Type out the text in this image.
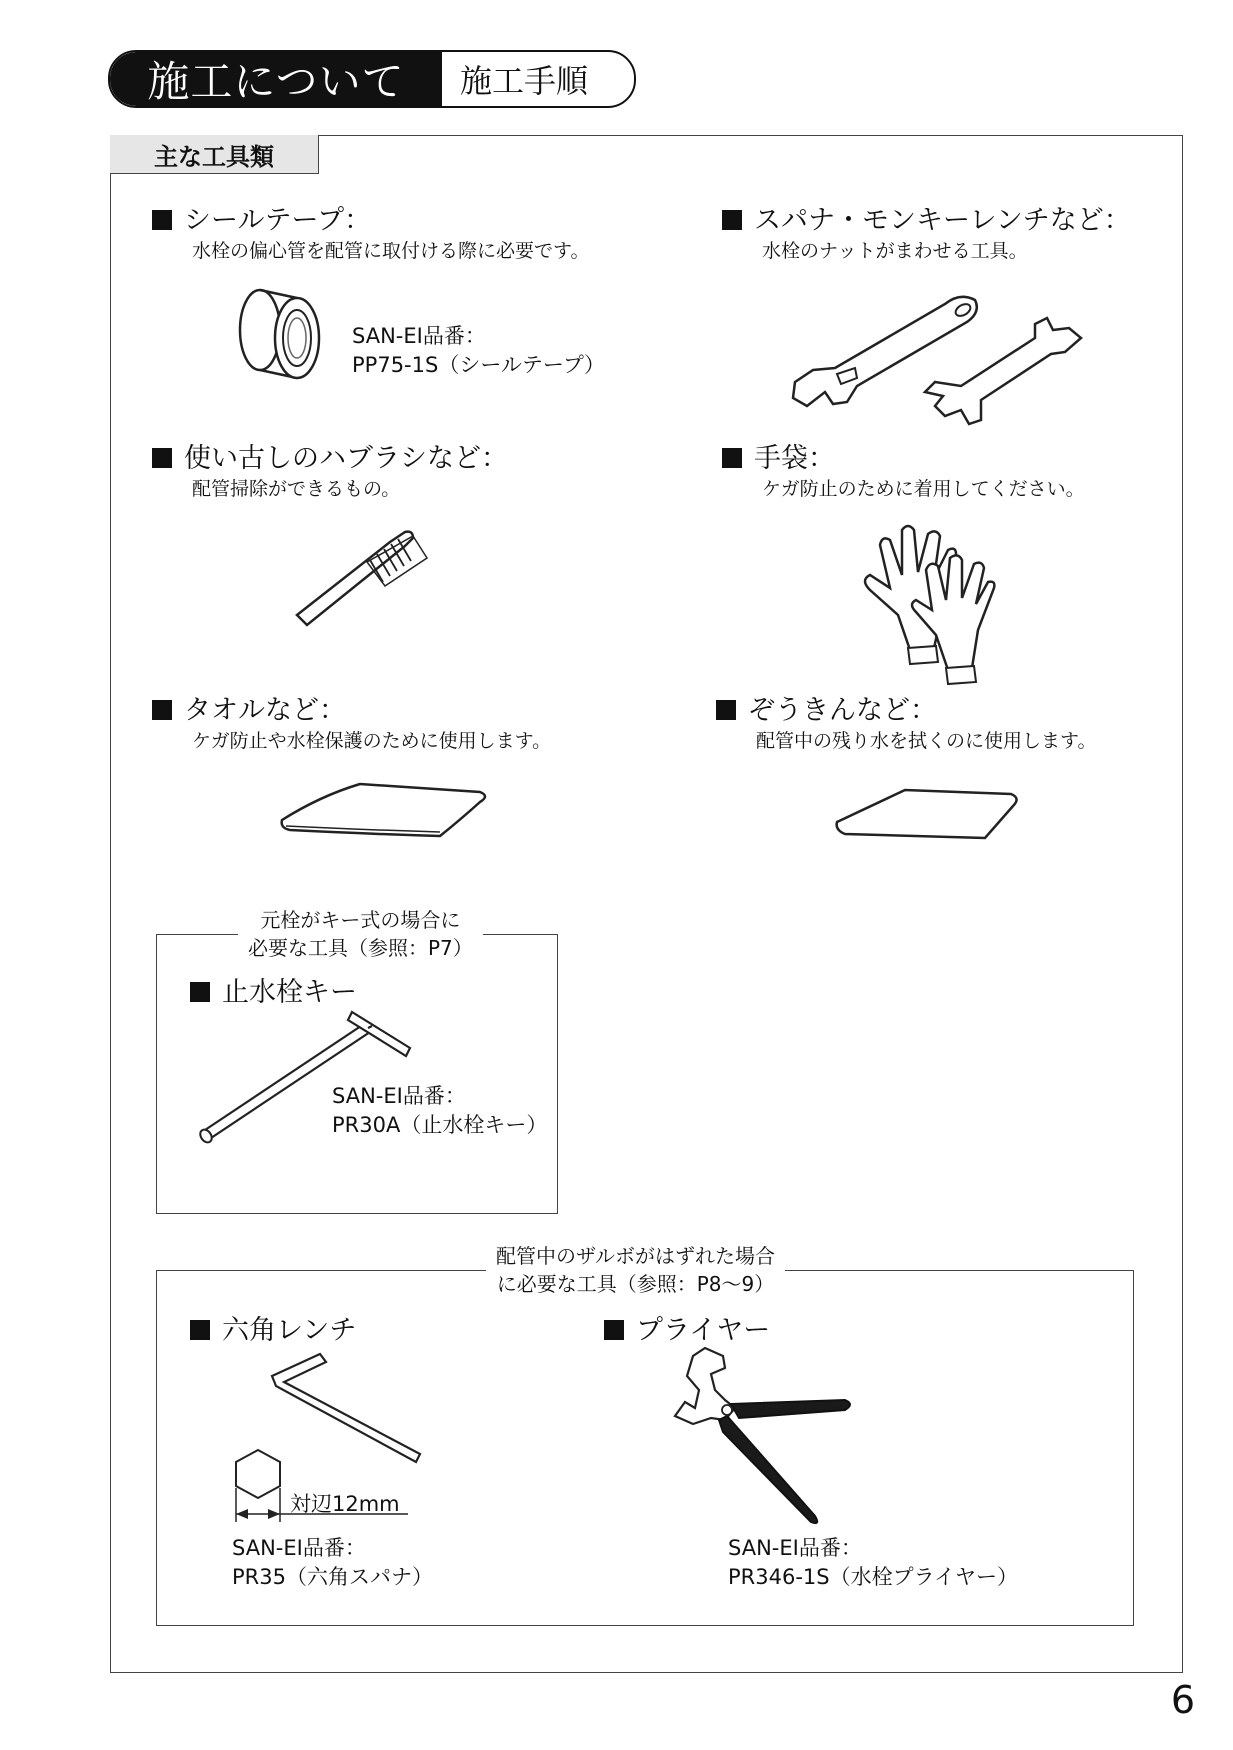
施工について	施工手順
主な工具類
シールテープ：
水栓の偏心管を配管に取付ける際に必要です。
SAN-EI品番：
PP75-1S（シールテープ）
スパナ・モンキーレンチなど：
水栓のナットがまわせる工具。
使い古しのハブラシなど：
配管掃除ができるもの。
手袋：
ケガ防止のために着用してください。
タオルなど：
ケガ防止や水栓保護のために使用します。
ぞうきんなど：
配管中の残り水を拭くのに使用します。
元栓がキー式の場合に
必要な工具（参照：P7）
止水栓キー
SAN-EI品番：
PR30A（止水栓キー）
配管中のザルボがはずれた場合
に必要な工具（参照：P8～9）
六角レンチ
対辺12mm
SAN-EI品番：
PR35（六角スパナ）
プライヤー
SAN-EI品番：
PR346-1S（水栓プライヤー）
6
